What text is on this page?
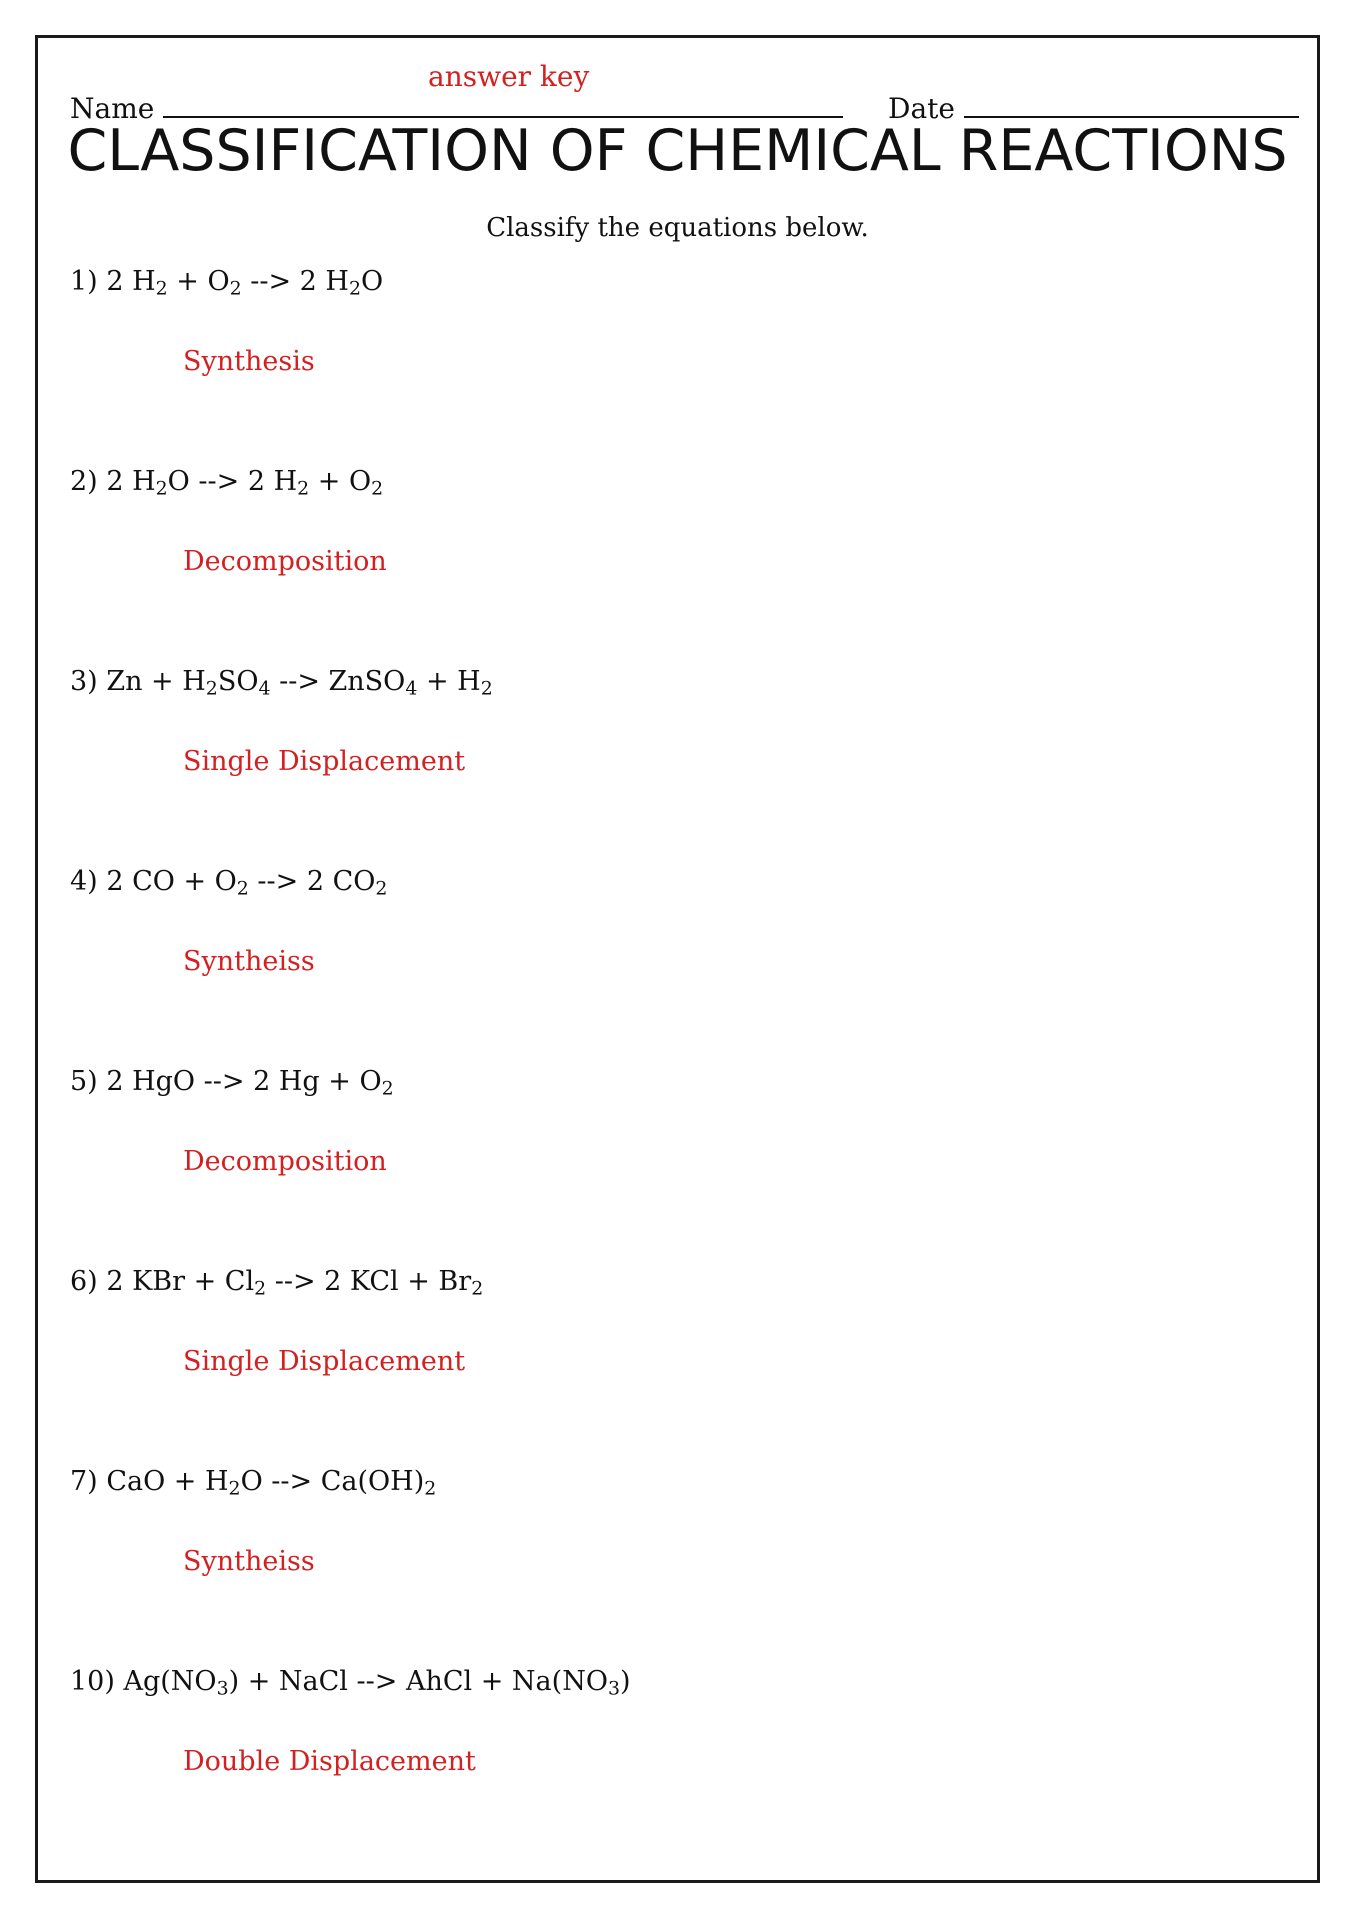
Name
answer key
Date
CLASSIFICATION OF CHEMICAL REACTIONS
Classify the equations below.
1) 2 $H_2 + O_2$ --> 2 $H_2O$
Synthesis
2) 2 $H_2O$ --> 2 $H_2 + O_2$
Decomposition
3) $Zn + H_2SO_4$ --> ZnSO$_4$ + $H_2$
Single Displacement
4) 2 CO + $O_2$ --> 2 $CO_2$
Syntheiss
5) 2 HgO --> 2 $Hg + O_2$
Decomposition
6) 2 KBr + $Cl_2$ --> 2 KCl + $Br_2$
Single Displacement
7) CaO + $H_2O$ --> $Ca(OH)_2$
Syntheiss
10) $Ag(NO_3)$ + NaCl --> AhCl + $Na(NO_3)$
Double Displacement
